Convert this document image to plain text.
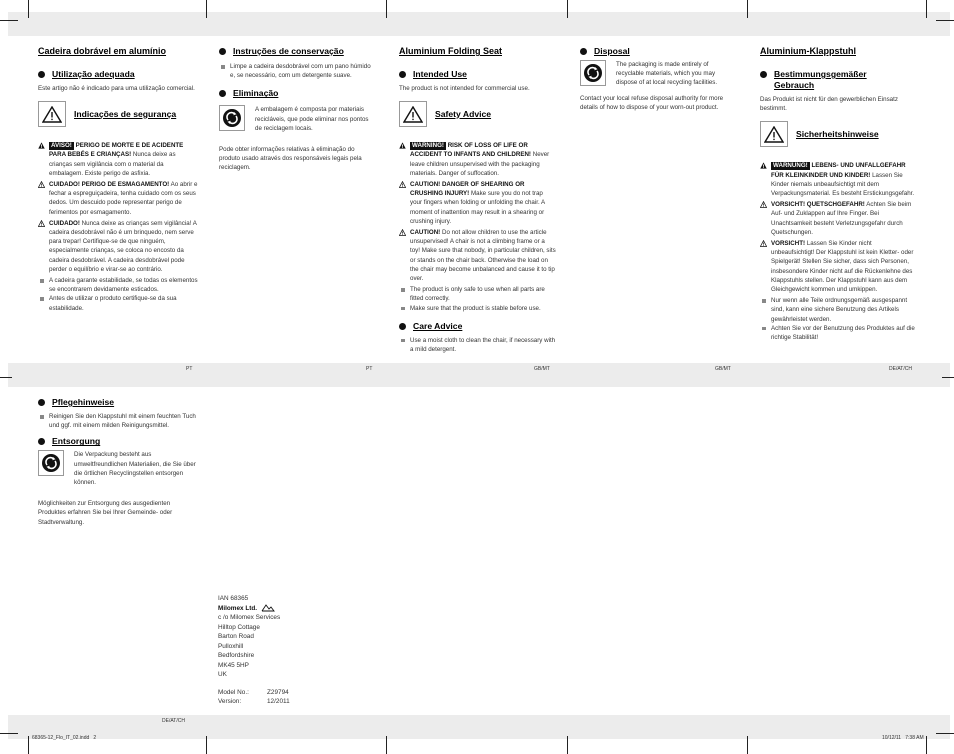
Cadeira dobrável em alumínio
Utilização adequada

Este artigo não é indicado para uma utilização comercial.

Indicações de segurança
AVISO! PERIGO DE MORTE E DE ACIDENTE PARA BEBÉS E CRIANÇAS! Nunca deixe as crianças sem vigilância com o material da embalagem. Existe perigo de asfixia.
CUIDADO! PERIGO DE ESMAGAMENTO! Ao abrir e fechar a espreguiçadeira, tenha cuidado com os seus dedos. Um descuido pode representar perigo de ferimentos por esmagamento.
CUIDADO! Nunca deixe as crianças sem vigilância! A cadeira desdobrável não é um brinquedo, nem serve para trepar! Certifique-se de que ninguém, especialmente crianças, se coloca no encosto da cadeira desdobrável. A cadeira desdobrável pode perder o equilíbrio e virar-se ao contrário.
A cadeira garante estabilidade, se todas os elementos se encontrarem devidamente esticados.
Antes de utilizar o produto certifique-se da sua estabilidade.
Instruções de conservação
Limpe a cadeira desdobrável com um pano húmido e, se necessário, com um detergente suave.
Eliminação

A embalagem é composta por materiais recicláveis, que pode eliminar nos pontos de reciclagem locais.

Pode obter informações relativas à eliminação do produto usado através dos responsáveis legais pela reciclagem.

Aluminium Folding Seat
Intended Use

The product is not intended for commercial use.

Safety Advice
WARNING! RISK OF LOSS OF LIFE OR ACCIDENT TO INFANTS AND CHILDREN! Never leave children unsupervised with the packaging materials. Danger of suffocation.
CAUTION! DANGER OF SHEARING OR CRUSHING INJURY! Make sure you do not trap your fingers when folding or unfolding the chair. A moment of inattention may result in a shearing or crushing injury.
CAUTION! Do not allow children to use the article unsupervised! A chair is not a climbing frame or a toy! Make sure that nobody, in particular children, sits or stands on the chair back. Otherwise the load on the chair may become unbalanced and cause it to tip over.
The product is only safe to use when all parts are fitted correctly.
Make sure that the product is stable before use.
Care Advice
Use a moist cloth to clean the chair, if necessary with a mild detergent.
Disposal

The packaging is made entirely of recyclable materials, which you may dispose of at local recycling facilities.

Contact your local refuse disposal authority for more details of how to dispose of your worn-out product.

Aluminium-Klappstuhl
Bestimmungsgemäßer
Gebrauch

Das Produkt ist nicht für den gewerblichen Einsatz bestimmt.

Sicherheitshinweise
WARNUNG! LEBENS- UND UNFALLGEFAHR FÜR KLEINKINDER UND KINDER! Lassen Sie Kinder niemals unbeaufsichtigt mit dem Verpackungsmaterial. Es besteht Erstickungsgefahr.
VORSICHT! QUETSCHGEFAHR! Achten Sie beim Auf- und Zuklappen auf Ihre Finger. Bei Unachtsamkeit besteht Verletzungsgefahr durch Quetschungen.
VORSICHT! Lassen Sie Kinder nicht unbeaufsichtigt! Der Klappstuhl ist kein Kletter- oder Spielgerät! Stellen Sie sicher, dass sich Personen, insbesondere Kinder nicht auf die Rückenlehne des Klappstuhls stellen. Der Klappstuhl kann aus dem Gleichgewicht kommen und umkippen.
Nur wenn alle Teile ordnungsgemäß ausgespannt sind, kann eine sichere Benutzung des Artikels gewährleistet werden.
Achten Sie vor der Benutzung des Produktes auf die richtige Stabilität!
Pflegehinweise
Reinigen Sie den Klappstuhl mit einem feuchten Tuch und ggf. mit einem milden Reinigungsmittel.
Entsorgung

Die Verpackung besteht aus umweltfreundlichen Materialien, die Sie über die örtlichen Recyclingstellen entsorgen können.

Möglichkeiten zur Entsorgung des ausgedienten Produktes erfahren Sie bei Ihrer Gemeinde- oder Stadtverwaltung.

IAN 68365
Milomex Ltd.
c /o Milomex Services
Hilltop Cottage
Barton Road
Pulloxhill
Bedfordshire
MK45 5HP
UK
Model No.:	Z29794
Version:	12/2011
PT	PT	GB/MT	GB/MT	DE/AT/CH
DE/AT/CH
68365-12_Flo_IT_02.indd   2	10/12/11   7:38 AM
